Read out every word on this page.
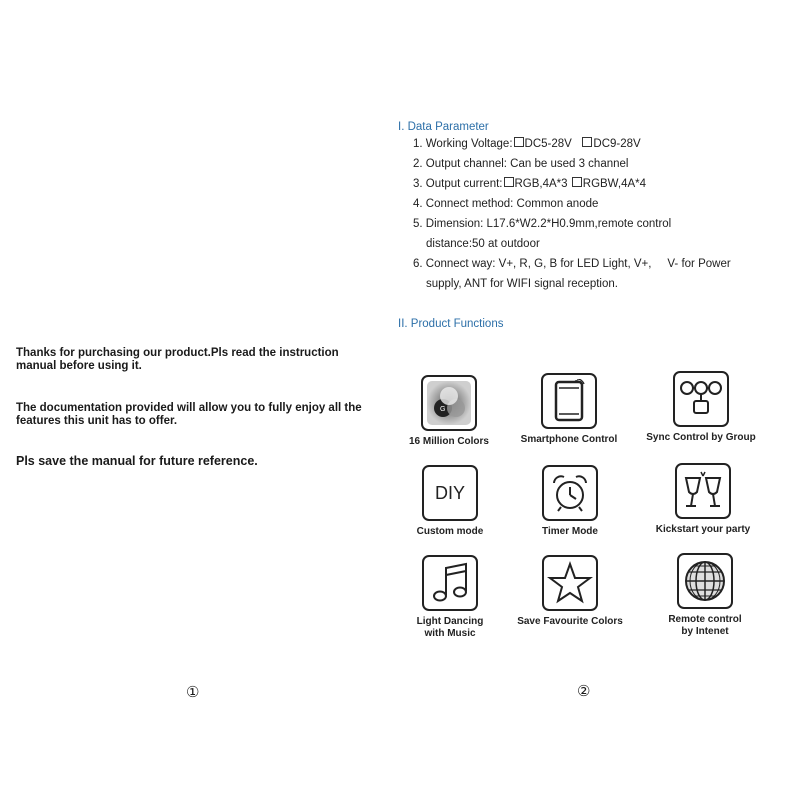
Thanks for purchasing our product.Pls read the instruction manual before using it.

The documentation provided will allow you to fully enjoy all the features this unit has to offer.

Pls save the manual for future reference.

①
I. Data Parameter
1. Working Voltage: DC5-28V DC9-28V
2. Output channel: Can be used 3 channel
3. Output current: RGB,4A*3 RGBW,4A*4
4. Connect method: Common anode
5. Dimension: L17.6*W2.2*H0.9mm,remote control
distance:50 at outdoor
6. Connect way: V+, R, G, B for LED Light, V+,     V- for Power
supply, ANT for WIFI signal reception.
II. Product Functions
G
16 Million Colors	Smartphone Control	Sync Control by Group
DIY
Custom mode	Timer Mode	Kickstart your party
Light Dancing
with Music
Save Favourite Colors	Remote control
by Intenet
②
